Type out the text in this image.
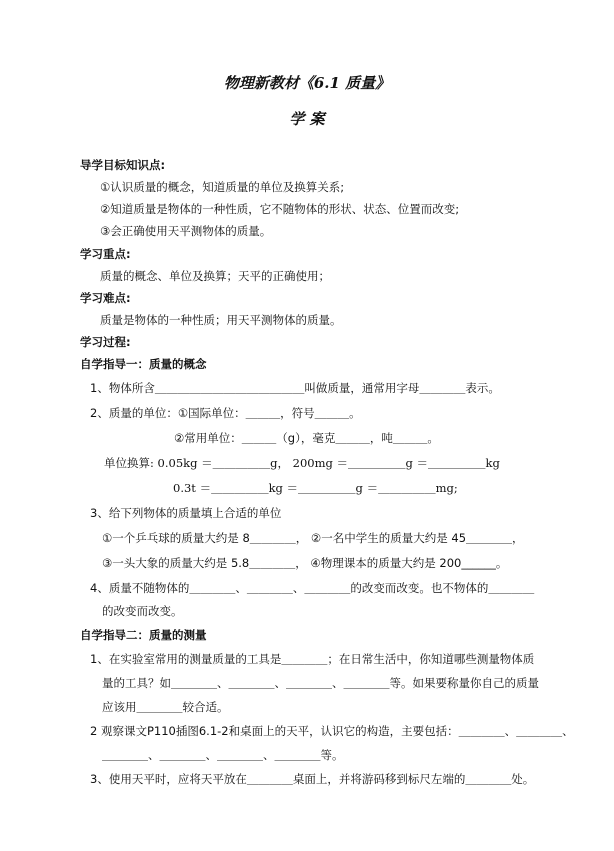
物理新教材《6.1 质量》
学 案
导学目标知识点:
①认识质量的概念，知道质量的单位及换算关系;
②知道质量是物体的一种性质，它不随物体的形状、状态、位置而改变;
③会正确使用天平测物体的质量。
学习重点:
质量的概念、单位及换算；天平的正确使用；
学习难点:
质量是物体的一种性质；用天平测物体的质量。
学习过程:
自学指导一：质量的概念
1、物体所含＿＿＿＿＿＿＿＿＿＿＿＿＿叫做质量，通常用字母＿＿＿＿表示。
2、质量的单位：①国际单位：＿＿＿，符号＿＿＿。
②常用单位：＿＿＿（g），毫克＿＿＿，吨＿＿＿。
单位换算: 0.05kg ＝＿＿＿＿＿g， 200mg ＝＿＿＿＿＿g ＝＿＿＿＿＿kg
0.3t ＝＿＿＿＿＿kg ＝＿＿＿＿＿g ＝＿＿＿＿＿mg;
3、给下列物体的质量填上合适的单位
①一个乒乓球的质量大约是 8＿＿＿＿， ②一名中学生的质量大约是 45＿＿＿＿，
③一头大象的质量大约是 5.8＿＿＿＿， ④物理课本的质量大约是 200______。
4、质量不随物体的＿＿＿＿、＿＿＿＿、＿＿＿＿的改变而改变。也不物体的＿＿＿＿
的改变而改变。
自学指导二：质量的测量
1、在实验室常用的测量质量的工具是＿＿＿＿；在日常生活中，你知道哪些测量物体质
量的工具？如＿＿＿＿、＿＿＿＿、＿＿＿＿、＿＿＿＿等。如果要称量你自己的质量
应该用＿＿＿＿较合适。
2 观察课文P110插图6.1-2和桌面上的天平，认识它的构造，主要包括：＿＿＿＿、＿＿＿＿、
＿＿＿＿、＿＿＿＿、＿＿＿＿、＿＿＿＿等。
3、使用天平时，应将天平放在＿＿＿＿桌面上，并将游码移到标尺左端的＿＿＿＿处。
